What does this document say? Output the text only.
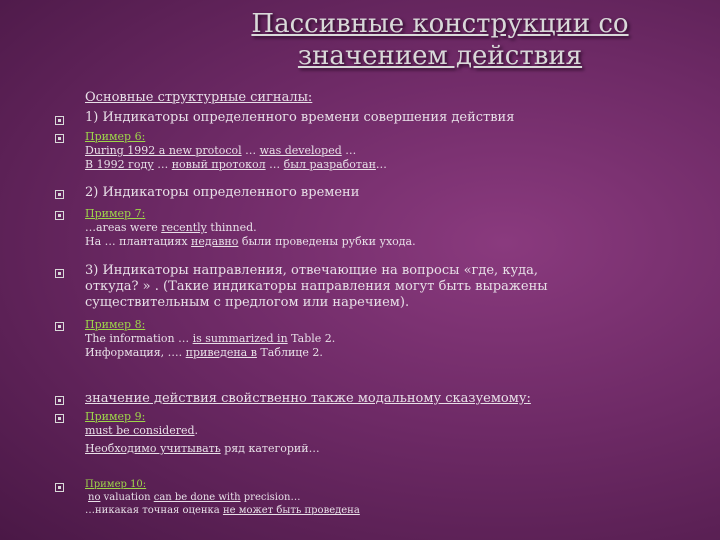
Пассивные конструкции со
значением действия
Основные структурные сигналы:
1) Индикаторы определенного времени совершения действия
Пример 6:
During 1992 a new protocol … was developed …
В 1992 году … новый протокол … был разработан…
2) Индикаторы определенного времени
Пример 7:
…areas were recently thinned.
На … плантациях недавно были проведены рубки ухода.
3) Индикаторы направления, отвечающие на вопросы «где, куда,
откуда? » . (Такие индикаторы направления могут быть выражены
существительным с предлогом или наречием).
Пример 8:
The information … is summarized in Table 2.
Информация, …. приведена в Таблице 2.
значение действия свойственно также модальному сказуемому:
Пример 9:
must be considered.
Необходимо учитывать ряд категорий…
Пример 10:
no valuation can be done with precision…
…никакая точная оценка не может быть проведена
